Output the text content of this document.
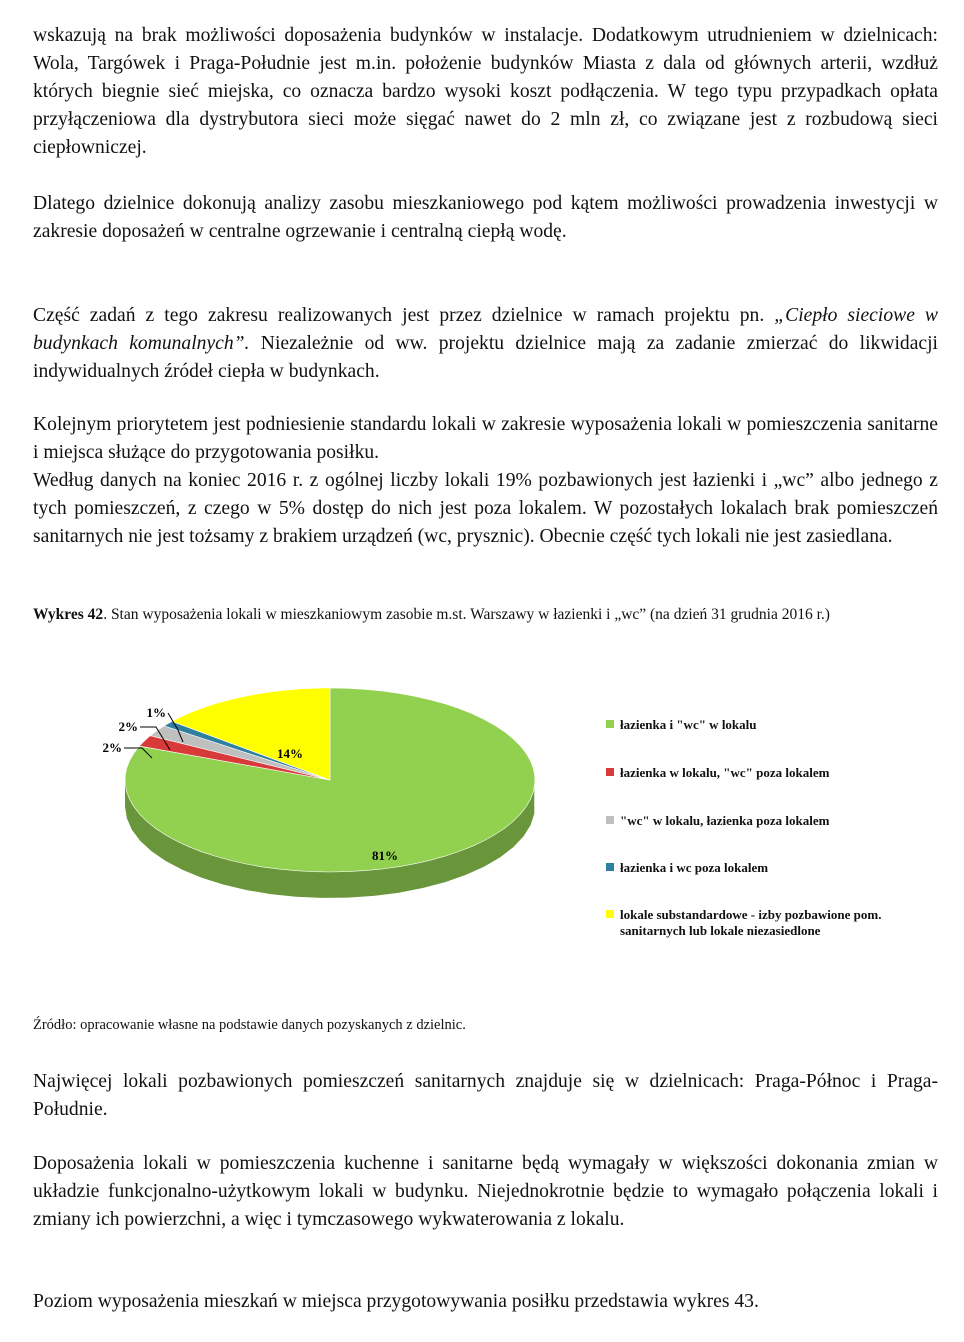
wskazują na brak możliwości doposażenia budynków w instalacje. Dodatkowym utrudnieniem w dzielnicach: Wola, Targówek i Praga-Południe jest m.in. położenie budynków Miasta z dala od głównych arterii, wzdłuż których biegnie sieć miejska, co oznacza bardzo wysoki koszt podłączenia. W tego typu przypadkach opłata przyłączeniowa dla dystrybutora sieci może sięgać nawet do 2 mln zł, co związane jest z rozbudową sieci ciepłowniczej.

Dlatego dzielnice dokonują analizy zasobu mieszkaniowego pod kątem możliwości prowadzenia inwestycji w zakresie doposażeń w centralne ogrzewanie i centralną ciepłą wodę.

Część zadań z tego zakresu realizowanych jest przez dzielnice w ramach projektu pn. „Ciepło sieciowe w budynkach komunalnych”. Niezależnie od ww. projektu dzielnice mają za zadanie zmierzać do likwidacji indywidualnych źródeł ciepła w budynkach.

Kolejnym priorytetem jest podniesienie standardu lokali w zakresie wyposażenia lokali w pomieszczenia sanitarne i miejsca służące do przygotowania posiłku.

Według danych na koniec 2016 r. z ogólnej liczby lokali 19% pozbawionych jest łazienki i „wc” albo jednego z tych pomieszczeń, z czego w 5% dostęp do nich jest poza lokalem. W pozostałych lokalach brak pomieszczeń sanitarnych nie jest tożsamy z brakiem urządzeń (wc, prysznic). Obecnie część tych lokali nie jest zasiedlana.

Wykres 42. Stan wyposażenia lokali w mieszkaniowym zasobie m.st. Warszawy w łazienki i „wc” (na dzień 31 grudnia 2016 r.)

81%
2%
2%
1%
14%
łazienka i "wc" w lokalu
łazienka w lokalu, "wc" poza lokalem
"wc" w lokalu, łazienka poza lokalem
łazienka i wc poza lokalem
lokale substandardowe - izby pozbawione pom. sanitarnych lub lokale niezasiedlone

Źródło: opracowanie własne na podstawie danych pozyskanych z dzielnic.

Najwięcej lokali pozbawionych pomieszczeń sanitarnych znajduje się w dzielnicach: Praga-Północ i Praga-Południe.

Doposażenia lokali w pomieszczenia kuchenne i sanitarne będą wymagały w większości dokonania zmian w układzie funkcjonalno-użytkowym lokali w budynku. Niejednokrotnie będzie to wymagało połączenia lokali i zmiany ich powierzchni, a więc i tymczasowego wykwaterowania z lokalu.

Poziom wyposażenia mieszkań w miejsca przygotowywania posiłku przedstawia wykres 43.
